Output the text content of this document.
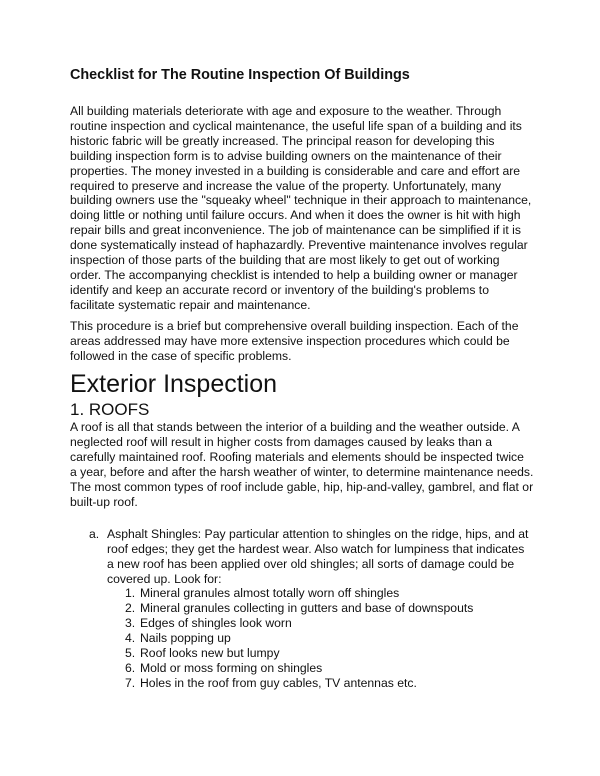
Checklist for The Routine Inspection Of Buildings

All building materials deteriorate with age and exposure to the weather. Through routine inspection and cyclical maintenance, the useful life span of a building and its historic fabric will be greatly increased. The principal reason for developing this building inspection form is to advise building owners on the maintenance of their properties. The money invested in a building is considerable and care and effort are required to preserve and increase the value of the property. Unfortunately, many building owners use the "squeaky wheel" technique in their approach to maintenance, doing little or nothing until failure occurs. And when it does the owner is hit with high repair bills and great inconvenience. The job of maintenance can be simplified if it is done systematically instead of haphazardly. Preventive maintenance involves regular inspection of those parts of the building that are most likely to get out of working order. The accompanying checklist is intended to help a building owner or manager identify and keep an accurate record or inventory of the building's problems to facilitate systematic repair and maintenance.

This procedure is a brief but comprehensive overall building inspection. Each of the areas addressed may have more extensive inspection procedures which could be followed in the case of specific problems.

Exterior Inspection
1. ROOFS

A roof is all that stands between the interior of a building and the weather outside. A neglected roof will result in higher costs from damages caused by leaks than a carefully maintained roof. Roofing materials and elements should be inspected twice a year, before and after the harsh weather of winter, to determine maintenance needs. The most common types of roof include gable, hip, hip-and-valley, gambrel, and flat or built-up roof.

a. Asphalt Shingles: Pay particular attention to shingles on the ridge, hips, and at roof edges; they get the hardest wear. Also watch for lumpiness that indicates a new roof has been applied over old shingles; all sorts of damage could be covered up. Look for:
1. Mineral granules almost totally worn off shingles
2. Mineral granules collecting in gutters and base of downspouts
3. Edges of shingles look worn
4. Nails popping up
5. Roof looks new but lumpy
6. Mold or moss forming on shingles
7. Holes in the roof from guy cables, TV antennas etc.
